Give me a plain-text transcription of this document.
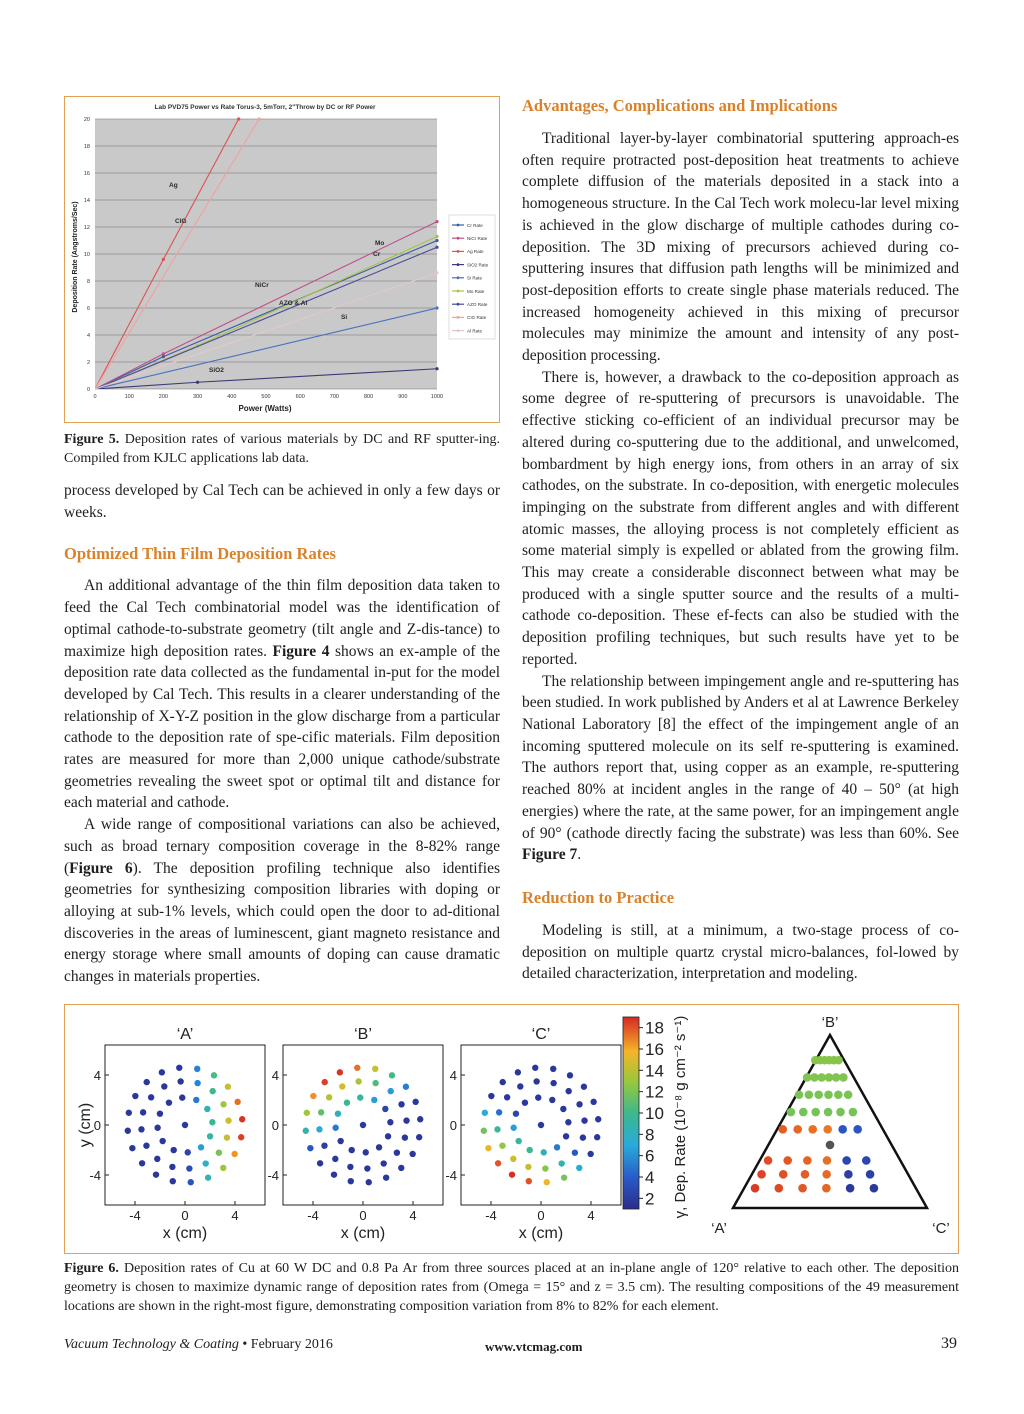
0
2
4
6
8
10
12
14
16
18
20
0	100	200	300	400	500	600	700	800	900	1000
Lab PVD75 Power vs Rate Torus-3, 5mTorr, 2"Throw by DC or RF Power
Power (Watts)
Deposition Rate (Angstroms/Sec)
Ag
CIG
Mo
Cr
NiCr
AZO & Al
Si
SiO2
Cr Rate
NiCr Rate
Ag Rate
SiO2 Rate
Si Rate
Mo Rate
AZO Rate
CIG Rate
Al Rate

Figure 5. Deposition rates of various materials by DC and RF sputter-ing. Compiled from KJLC applications lab data.

process developed by Cal Tech can be achieved in only a few days or weeks.

Optimized Thin Film Deposition Rates

An additional advantage of the thin film deposition data taken to feed the Cal Tech combinatorial model was the identification of optimal cathode-to-substrate geometry (tilt angle and Z-dis-tance) to maximize high deposition rates. Figure 4 shows an ex-ample of the deposition rate data collected as the fundamental in-put for the model developed by Cal Tech. This results in a clearer understanding of the relationship of X-Y-Z position in the glow discharge from a particular cathode to the deposition rate of spe-cific materials. Film deposition rates are measured for more than 2,000 unique cathode/substrate geometries revealing the sweet spot or optimal tilt and distance for each material and cathode.

A wide range of compositional variations can also be achieved, such as broad ternary composition coverage in the 8-82% range (Figure 6). The deposition profiling technique also identifies geometries for synthesizing composition libraries with doping or alloying at sub-1% levels, which could open the door to ad-ditional discoveries in the areas of luminescent, giant magneto resistance and energy storage where small amounts of doping can cause dramatic changes in materials properties.

Advantages, Complications and Implications

Traditional layer-by-layer combinatorial sputtering approach-es often require protracted post-deposition heat treatments to achieve complete diffusion of the materials deposited in a stack into a homogeneous structure. In the Cal Tech work molecu-lar level mixing is achieved in the glow discharge of multiple cathodes during co-deposition. The 3D mixing of precursors achieved during co-sputtering insures that diffusion path lengths will be minimized and post-deposition efforts to create single phase materials reduced. The increased homogeneity achieved in this mixing of precursor molecules may minimize the amount and intensity of any post-deposition processing.

There is, however, a drawback to the co-deposition approach as some degree of re-sputtering of precursors is unavoidable. The effective sticking co-efficient of an individual precursor may be altered during co-sputtering due to the additional, and unwelcomed, bombardment by high energy ions, from others in an array of six cathodes, on the substrate. In co-deposition, with energetic molecules impinging on the substrate from different angles and with different atomic masses, the alloying process is not completely efficient as some material simply is expelled or ablated from the growing film. This may create a considerable disconnect between what may be produced with a single sputter source and the results of a multi-cathode co-deposition. These ef-fects can also be studied with the deposition profiling techniques, but such results have yet to be reported.

The relationship between impingement angle and re-sputtering has been studied. In work published by Anders et al at Lawrence Berkeley National Laboratory [8] the effect of the impingement angle of an incoming sputtered molecule on its self re-sputtering is examined. The authors report that, using copper as an example, re-sputtering reached 80% at incident angles in the range of 40 – 50° (at high energies) where the rate, at the same power, for an impingement angle of 90° (cathode directly facing the substrate) was less than 60%. See Figure 7.

Reduction to Practice

Modeling is still, at a minimum, a two-stage process of co-deposition on multiple quartz crystal micro-balances, fol-lowed by detailed characterization, interpretation and modeling.

‘A’
-4	0	4
4
0
-4
x (cm)
y (cm)
‘B’
-4	0	4
4
0
-4
x (cm)
‘C’
-4	0	4
4
0
-4
x (cm)
18
16
14
12
10
8
6
4
2 γ, Dep. Rate (10⁻⁸ g cm⁻² s⁻¹)	‘B’
‘A’	‘C’

Figure 6. Deposition rates of Cu at 60 W DC and 0.8 Pa Ar from three sources placed at an in-plane angle of 120° relative to each other. The deposition geometry is chosen to maximize dynamic range of deposition rates from (Omega = 15° and z = 3.5 cm). The resulting compositions of the 49 measurement locations are shown in the right-most figure, demonstrating composition variation from 8% to 82% for each element.

Vacuum Technology & Coating • February 2016	www.vtcmag.com	39
